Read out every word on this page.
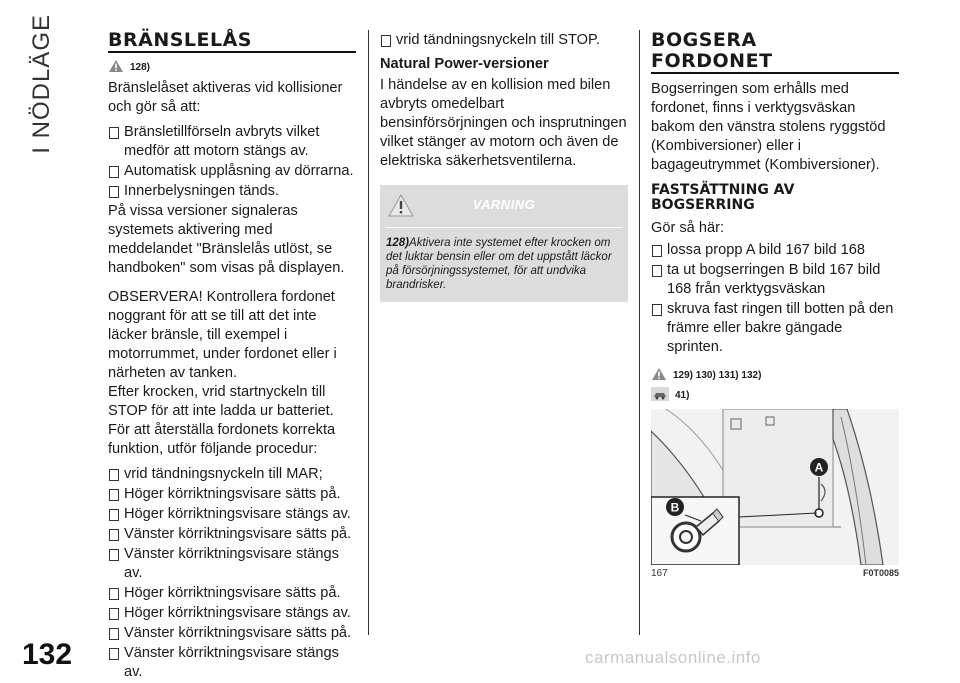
I NÖDLÄGE	BRÄNSLELÅS
128)

Bränslelåset aktiveras vid kollisioner och gör så att:

Bränsletillförseln avbryts vilket medför att motorn stängs av.
Automatisk upplåsning av dörrarna.
Innerbelysningen tänds.

På vissa versioner signaleras systemets aktivering med meddelandet "Bränslelås utlöst, se handboken" som visas på displayen.

OBSERVERA! Kontrollera fordonet noggrant för att se till att det inte läcker bränsle, till exempel i motorrummet, under fordonet eller i närheten av tanken.

Efter krocken, vrid startnyckeln till STOP för att inte ladda ur batteriet.

För att återställa fordonets korrekta funktion, utför följande procedur:

vrid tändningsnyckeln till MAR;
Höger körriktningsvisare sätts på.
Höger körriktningsvisare stängs av.
Vänster körriktningsvisare sätts på.
Vänster körriktningsvisare stängs av.
Höger körriktningsvisare sätts på.
Höger körriktningsvisare stängs av.
Vänster körriktningsvisare sätts på.
Vänster körriktningsvisare stängs av.
vrid tändningsnyckeln till STOP.
Natural Power-versioner

I händelse av en kollision med bilen avbryts omedelbart bensinförsörjningen och insprutningen vilket stänger av motorn och även de elektriska säkerhetsventilerna.

VARNING
128)Aktivera inte systemet efter krocken om det luktar bensin eller om det uppstått läckor på försörjningssystemet, för att undvika brandrisker.
BOGSERA
FORDONET

Bogserringen som erhålls med fordonet, finns i verktygsväskan bakom den vänstra stolens ryggstöd (Kombiversioner) eller i bagageutrymmet (Kombiversioner).

FASTSÄTTNING AV
BOGSERRING

Gör så här:

lossa propp A bild 167 bild 168
ta ut bogserringen B bild 167 bild 168 från verktygsväskan
skruva fast ringen till botten på den främre eller bakre gängade sprinten.
129) 130) 131) 132)
41)
A
B
167	F0T0085
132	carmanualsonline.info
